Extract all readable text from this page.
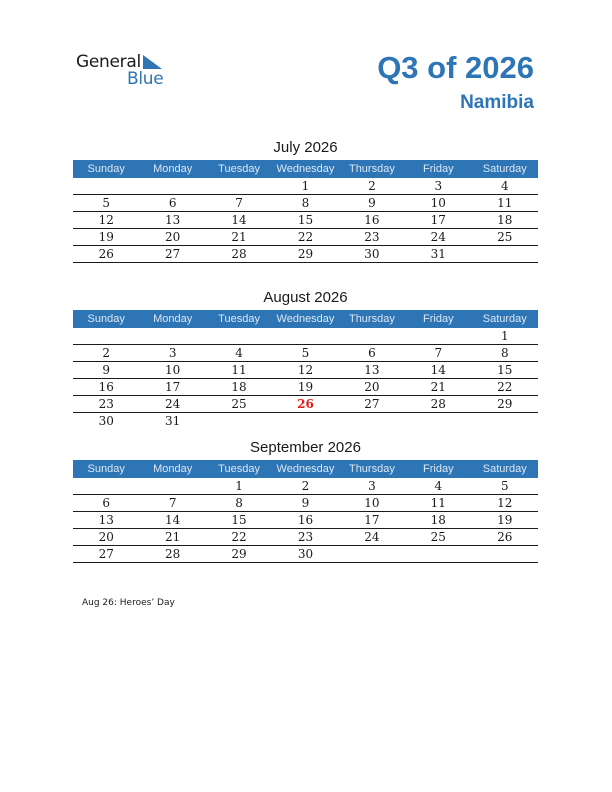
General
Blue	Q3 of 2026
Namibia
July 2026
Sunday	Monday	Tuesday	Wednesday	Thursday	Friday	Saturday
			1	2	3	4
5	6	7	8	9	10	11
12	13	14	15	16	17	18
19	20	21	22	23	24	25
26	27	28	29	30	31	
August 2026
Sunday	Monday	Tuesday	Wednesday	Thursday	Friday	Saturday
						1
2	3	4	5	6	7	8
9	10	11	12	13	14	15
16	17	18	19	20	21	22
23	24	25	26	27	28	29
30	31					
September 2026
Sunday	Monday	Tuesday	Wednesday	Thursday	Friday	Saturday
		1	2	3	4	5
6	7	8	9	10	11	12
13	14	15	16	17	18	19
20	21	22	23	24	25	26
27	28	29	30			
Aug 26: Heroes’ Day
